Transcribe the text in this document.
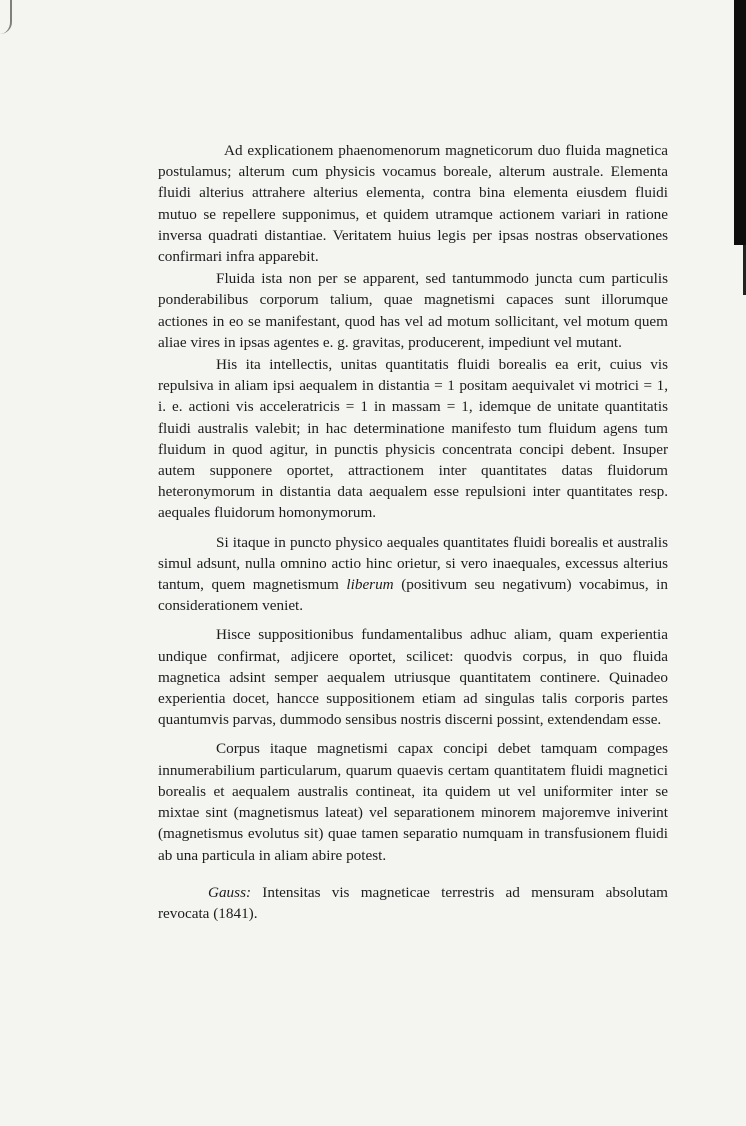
Ad explicationem phaenomenorum magneticorum duo fluida magnetica postulamus; alterum cum physicis vocamus boreale, alterum australe. Elementa fluidi alterius attrahere alterius elementa, contra bina elementa eiusdem fluidi mutuo se repellere supponimus, et quidem utramque actionem variari in ratione inversa quadrati distantiae. Veritatem huius legis per ipsas nostras observationes confirmari infra apparebit.

Fluida ista non per se apparent, sed tantummodo juncta cum particulis ponderabilibus corporum talium, quae magnetismi capaces sunt illorumque actiones in eo se manifestant, quod has vel ad motum sollicitant, vel motum quem aliae vires in ipsas agentes e. g. gravitas, producerent, impediunt vel mutant.

His ita intellectis, unitas quantitatis fluidi borealis ea erit, cuius vis repulsiva in aliam ipsi aequalem in distantia = 1 positam aequivalet vi motrici = 1, i. e. actioni vis acceleratricis = 1 in massam = 1, idemque de unitate quantitatis fluidi australis valebit; in hac determinatione manifesto tum fluidum agens tum fluidum in quod agitur, in punctis physicis concentrata concipi debent. Insuper autem supponere oportet, attractionem inter quantitates datas fluidorum heteronymorum in distantia data aequalem esse repulsioni inter quantitates resp. aequales fluidorum homonymorum.

Si itaque in puncto physico aequales quantitates fluidi borealis et australis simul adsunt, nulla omnino actio hinc orietur, si vero inaequales, excessus alterius tantum, quem magnetismum liberum (positivum seu negativum) vocabimus, in considerationem veniet.

Hisce suppositionibus fundamentalibus adhuc aliam, quam experientia undique confirmat, adjicere oportet, scilicet: quodvis corpus, in quo fluida magnetica adsint semper aequalem utriusque quantitatem continere. Quinadeo experientia docet, hancce suppositionem etiam ad singulas talis corporis partes quantumvis parvas, dummodo sensibus nostris discerni possint, extendendam esse.

Corpus itaque magnetismi capax concipi debet tamquam compages innumerabilium particularum, quarum quaevis certam quantitatem fluidi magnetici borealis et aequalem australis contineat, ita quidem ut vel uniformiter inter se mixtae sint (magnetismus lateat) vel separationem minorem majoremve iniverint (magnetismus evolutus sit) quae tamen separatio numquam in transfusionem fluidi ab una particula in aliam abire potest.

Gauss: Intensitas vis magneticae terrestris ad mensuram absolutam revocata (1841).
